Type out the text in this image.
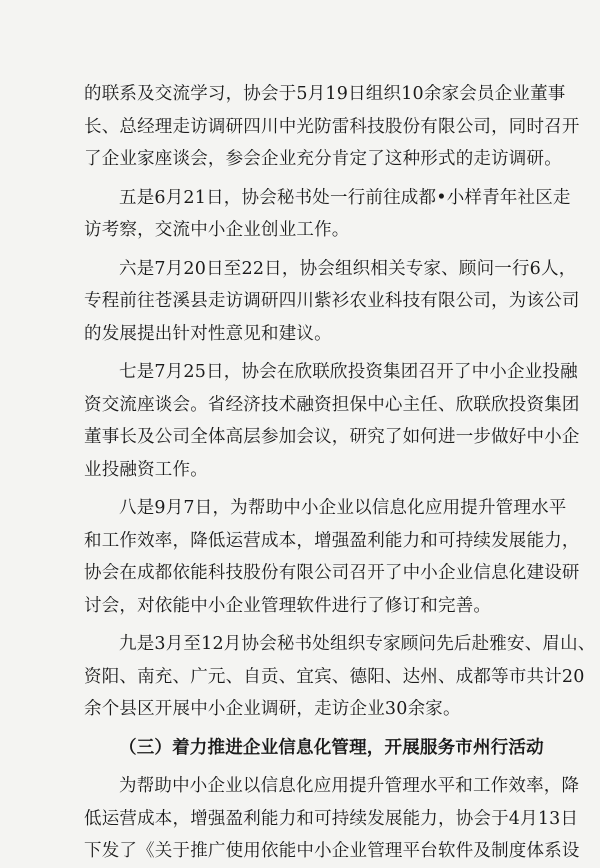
的联系及交流学习，协会于5月19日组织10余家会员企业董事
长、总经理走访调研四川中光防雷科技股份有限公司，同时召开
了企业家座谈会，参会企业充分肯定了这种形式的走访调研。

五是6月21日，协会秘书处一行前往成都•小样青年社区走
访考察，交流中小企业创业工作。

六是7月20日至22日，协会组织相关专家、顾问一行6人，
专程前往苍溪县走访调研四川紫衫农业科技有限公司，为该公司
的发展提出针对性意见和建议。

七是7月25日，协会在欣联欣投资集团召开了中小企业投融
资交流座谈会。省经济技术融资担保中心主任、欣联欣投资集团
董事长及公司全体高层参加会议，研究了如何进一步做好中小企
业投融资工作。

八是9月7日，为帮助中小企业以信息化应用提升管理水平
和工作效率，降低运营成本，增强盈利能力和可持续发展能力，
协会在成都依能科技股份有限公司召开了中小企业信息化建设研
讨会，对依能中小企业管理软件进行了修订和完善。

九是3月至12月协会秘书处组织专家顾问先后赴雅安、眉山、
资阳、南充、广元、自贡、宜宾、德阳、达州、成都等市共计20
余个县区开展中小企业调研，走访企业30余家。

（三）着力推进企业信息化管理，开展服务市州行活动

为帮助中小企业以信息化应用提升管理水平和工作效率，降
低运营成本，增强盈利能力和可持续发展能力，协会于4月13日
下发了《关于推广使用依能中小企业管理平台软件及制度体系设
